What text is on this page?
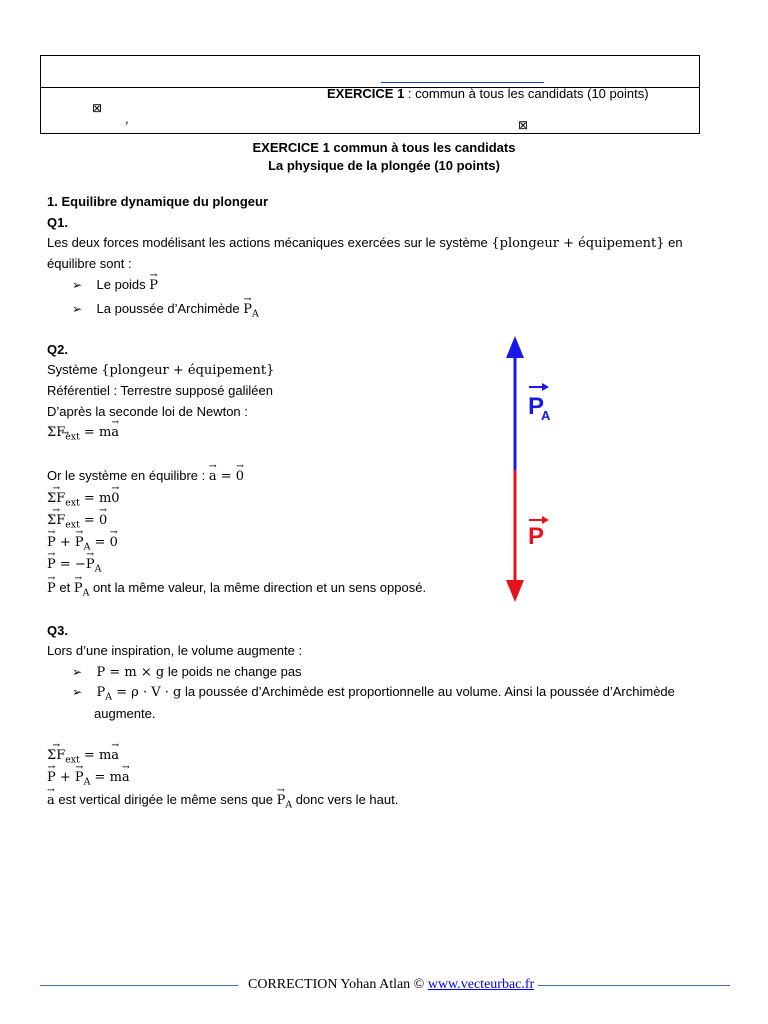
EXERCICE 1 : commun à tous les candidats (10 points)
⊠
,	⊠
EXERCICE 1 commun à tous les candidats
La physique de la plongée (10 points)
1. Equilibre dynamique du plongeur
Q1.
Les deux forces modélisant les actions mécaniques exercées sur le système {plongeur + équipement} en
équilibre sont :
➢ Le poids → P
➢ La poussée d’Archimède → $P_A$
Q2.
Système {plongeur + équipement}
Référentiel : Terrestre supposé galiléen
D’après la seconde loi de Newton :
$\Sigma F_{ext} = m\to a$
Or le système en équilibre : → a = → 0
→ $\Sigma F_{ext} = m\to 0$
→ $\Sigma F_{ext}$ = → 0
→ P + → $P_A$ = → 0
→ P = −→ $P_A$
→ P et → $P_A$ ont la même valeur, la même direction et un sens opposé.
P
A
P
Q3.
Lors d’une inspiration, le volume augmente :
➢ P = m × g le poids ne change pas
➢ $P_A = \rho \cdot V \cdot g$ la poussée d’Archimède est proportionnelle au volume. Ainsi la poussée d’Archimède
augmente.
→ $\Sigma F_{ext} = m\to a$
→ P + → $P_A = m\to a$
→ a est vertical dirigée le même sens que → $P_A$ donc vers le haut.
CORRECTION Yohan Atlan © www.vecteurbac.fr
